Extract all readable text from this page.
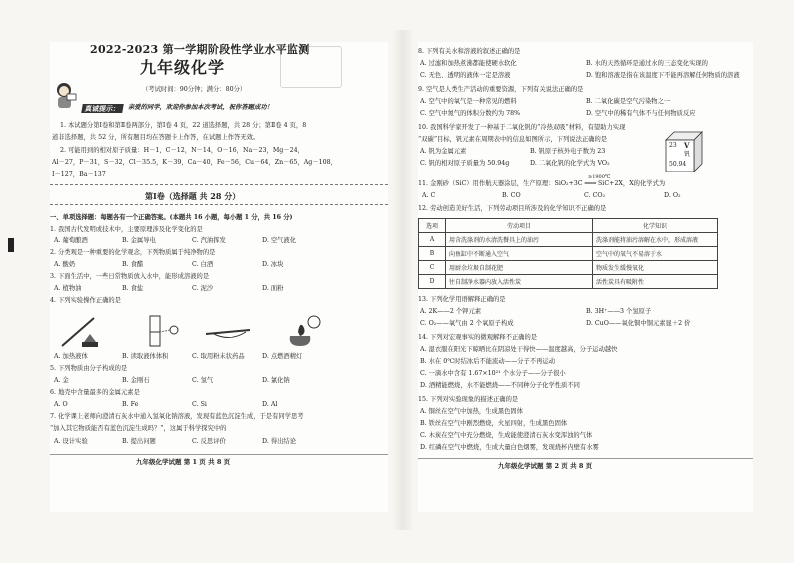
2022-2023 第一学期阶段性学业水平监测
九年级化学
（考试时间：90分钟；满分：80分）
真诚提示：	亲爱的同学，欢迎你参加本次考试，祝你答题成功！
1. 本试题分第Ⅰ卷和第Ⅱ卷两部分，第Ⅰ卷 4 页，22 道选择题，共 28 分；第Ⅱ卷 4 页，8
道非选择题，共 52 分，所有题目均在答题卡上作答，在试题上作答无效。
2. 可能用到的相对原子质量：H－1，C－12，N－14，O－16，Na－23，Mg－24，
Al－27，P－31，S－32，Cl－35.5，K－39，Ca－40，Fe－56，Cu－64，Zn－65，Ag－108，
I－127，Ba－137
第Ⅰ卷（选择题 共 28 分）
一、单项选择题：每题各有一个正确答案。(本题共 16 小题，每小题 1 分，共 16 分)
1. 我国古代发明或技术中，主要原理涉及化学变化的是
A. 葡萄酿酒	B. 金属导电	C. 汽油挥发	D. 空气液化
2. 分类观是一种重要的化学观念，下列物质属于纯净物的是
A. 酸奶	B. 食醋	C. 白酒	D. 冰块
3. 下面生活中，一些日常物质放入水中，能形成溶液的是
A. 植物油	B. 食盐	C. 泥沙	D. 面粉
4. 下列实验操作正确的是
A. 加热液体	B. 读取液体体积	C. 取用粉末状药品	D. 点燃酒精灯
5. 下列物质由分子构成的是
A. 金	B. 金刚石	C. 氢气	D. 氯化钠
6. 地壳中含量最多的金属元素是
A. O	B. Fe	C. Si	D. Al
7. 化学课上老师向澄清石灰水中通入氢氧化钠溶液，发现有蓝色沉淀生成，于是有同学思考
“加入其它物质能否有蓝色沉淀生成吗？”，这属于科学探究中的
A. 设计实验	B. 提出问题	C. 反思评价	D. 得出结论
九年级化学试题 第 1 页 共 8 页
8. 下列有关水和溶液的叙述正确的是
A. 过滤和加热煮沸都能使硬水软化	B. 水的天然循环是通过水的三态变化实现的
C. 无色、透明的液体一定是溶液	D. 饱和溶液是指在该温度下不能再溶解任何物质的溶液
9. 空气是人类生产活动的重要资源，下列有关说法正确的是
A. 空气中的氧气是一种常见的燃料	B. 二氧化碳是空气污染物之一
C. 空气中氮气的体积分数约为 78%	D. 空气中的稀有气体不与任何物质反应
10. 我国科学家开发了一种基于二氧化钒的“冷热双吸”材料，有望助力实现
“双碳”目标，钒元素在周期表中的信息如图所示，下列说法正确的是
A. 钒为金属元素	B. 钒原子核外电子数为 23
C. 钒的相对原子质量为 50.94g	D. 二氧化钒的化学式为 VO₂
23 V
钒
50.94
11. 金刚砂（SiC）用作航天器涂层，生产原理：SiO₂+3C ═══ SiC+2X，X的化学式为
≥1900℃
A. C	B. CO	C. CO₂	D. O₂
12. 劳动创造美好生活，下列劳动项目所涉及的化学知识不正确的是
选项	劳动项目	化学知识
A	用含洗涤剂的水清洗餐具上的油污	洗涤剂能将油污溶解在水中，形成溶液
B	向鱼缸中不断通入空气	空气中的氧气不易溶于水
C	用厨余垃圾自制花肥	物质发生缓慢氧化
D	往自制净水器内放入活性炭	活性炭具有吸附性
13. 下列化学用语解释正确的是
A. 2K——2 个钾元素	B. 3H⁺——3 个氢原子
C. O₂——氧气由 2 个氧原子构成	D. CuO——氧化铜中铜元素显＋2 价
14. 下列对宏观事实的微观解释不正确的是
A. 湿衣服在阳光下晾晒比在阴凉处干得快——温度越高，分子运动越快
B. 水在 0℃时结冰后不能流动——分子不再运动
C. 一滴水中含有 1.67×10²¹ 个水分子——分子很小
D. 酒精能燃烧，水不能燃烧——不同种分子化学性质不同
15. 下列对实验现象的描述正确的是
A. 铜丝在空气中加热，生成黑色固体
B. 铁丝在空气中剧烈燃烧，火星四射，生成黑色固体
C. 木炭在空气中充分燃烧，生成能使澄清石灰水变浑浊的气体
D. 红磷在空气中燃烧，生成大量白色烟雾，发现烧杯内壁有水雾
九年级化学试题 第 2 页 共 8 页
